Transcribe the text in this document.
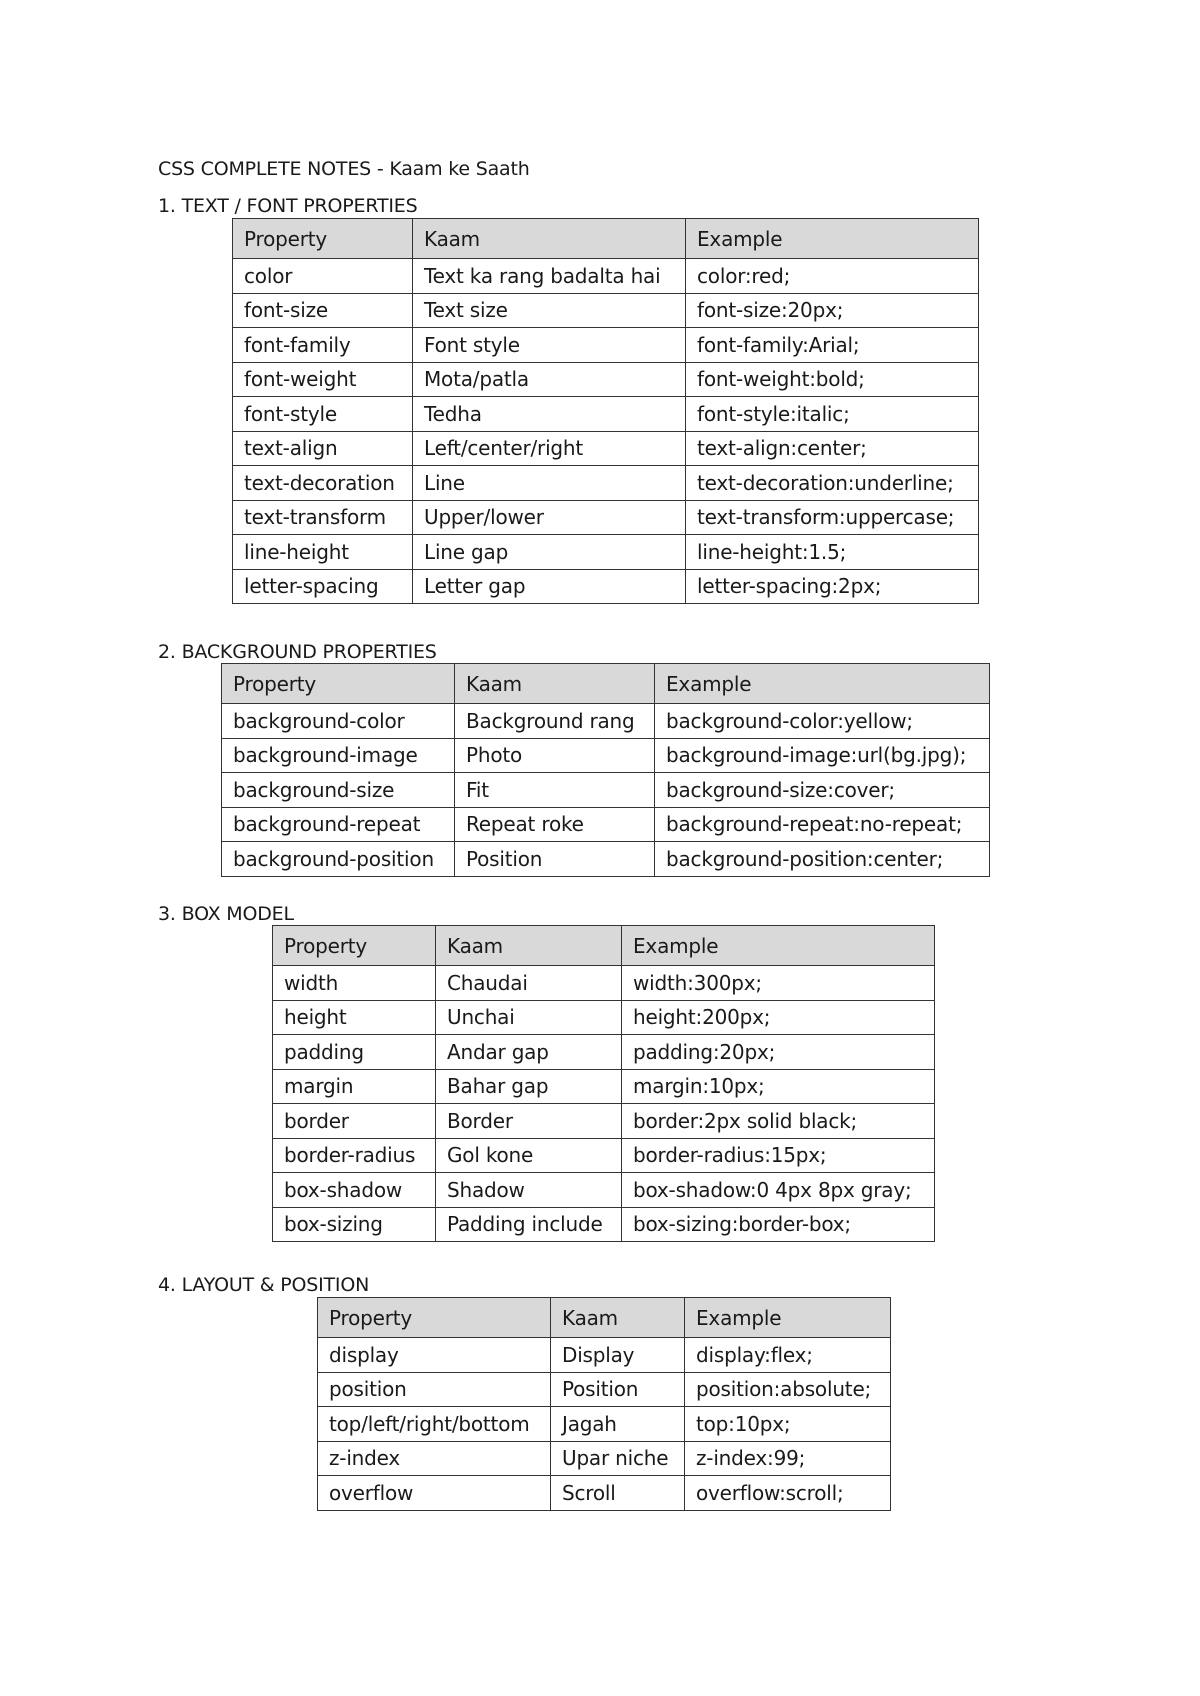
CSS COMPLETE NOTES - Kaam ke Saath
1. TEXT / FONT PROPERTIES
Property	Kaam	Example
color	Text ka rang badalta hai	color:red;
font-size	Text size	font-size:20px;
font-family	Font style	font-family:Arial;
font-weight	Mota/patla	font-weight:bold;
font-style	Tedha	font-style:italic;
text-align	Left/center/right	text-align:center;
text-decoration	Line	text-decoration:underline;
text-transform	Upper/lower	text-transform:uppercase;
line-height	Line gap	line-height:1.5;
letter-spacing	Letter gap	letter-spacing:2px;
2. BACKGROUND PROPERTIES
Property	Kaam	Example
background-color	Background rang	background-color:yellow;
background-image	Photo	background-image:url(bg.jpg);
background-size	Fit	background-size:cover;
background-repeat	Repeat roke	background-repeat:no-repeat;
background-position	Position	background-position:center;
3. BOX MODEL
Property	Kaam	Example
width	Chaudai	width:300px;
height	Unchai	height:200px;
padding	Andar gap	padding:20px;
margin	Bahar gap	margin:10px;
border	Border	border:2px solid black;
border-radius	Gol kone	border-radius:15px;
box-shadow	Shadow	box-shadow:0 4px 8px gray;
box-sizing	Padding include	box-sizing:border-box;
4. LAYOUT & POSITION
Property	Kaam	Example
display	Display	display:flex;
position	Position	position:absolute;
top/left/right/bottom	Jagah	top:10px;
z-index	Upar niche	z-index:99;
overflow	Scroll	overflow:scroll;
